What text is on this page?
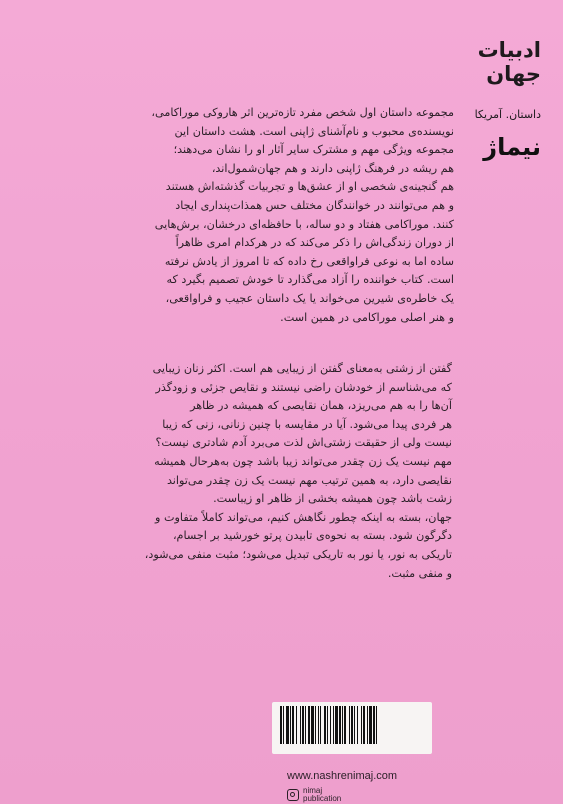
ادبیات
جهان
داستان. آمریکا
نیماژ
مجموعه داستان اول شخص مفرد تازه‌ترین اثر هاروکی موراکامی،
نویسنده‌ی محبوب و نام‌آشنای ژاپنی است. هشت داستان این
مجموعه ویژگی مهم و مشترک سایر آثار او را نشان می‌دهند؛
هم ریشه در فرهنگ ژاپنی دارند و هم جهان‌شمول‌اند،
هم گنجینه‌ی شخصی او از عشق‌ها و تجربیات گذشته‌اش هستند
و هم می‌توانند در خوانندگان مختلف حس همذات‌پنداری ایجاد
کنند. موراکامی هفتاد و دو ساله، با حافظه‌ای درخشان، برش‌هایی
از دوران زندگی‌اش را ذکر می‌کند که در هرکدام امری ظاهراً
ساده اما به نوعی فراواقعی رخ داده که تا امروز از یادش نرفته
است. کتاب خواننده را آزاد می‌گذارد تا خودش تصمیم بگیرد که
یک خاطره‌ی شیرین می‌خواند یا یک داستان عجیب و فراواقعی،
و هنر اصلی موراکامی در همین است.
گفتن از زشتی به‌معنای گفتن از زیبایی هم است. اکثر زنان زیبایی
که می‌شناسم از خودشان راضی نیستند و نقایص جزئی و زودگذر
آن‌ها را به هم می‌ریزد، همان نقایصی که همیشه در ظاهر
هر فردی پیدا می‌شود. آیا در مقایسه با چنین زنانی، زنی که زیبا
نیست ولی از حقیقت زشتی‌اش لذت می‌برد آدم شادتری نیست؟
مهم نیست یک زن چقدر می‌تواند زیبا باشد چون به‌هرحال همیشه
نقایصی دارد، به همین ترتیب مهم نیست یک زن چقدر می‌تواند
زشت باشد چون همیشه بخشی از ظاهر او زیباست.
جهان، بسته به اینکه چطور نگاهش کنیم، می‌تواند کاملاً متفاوت و
دگرگون شود. بسته به نحوه‌ی تابیدن پرتو خورشید بر اجسام،
تاریکی به نور، یا نور به تاریکی تبدیل می‌شود؛ مثبت منفی می‌شود،
و منفی مثبت.
www.nashrenimaj.com
nimaj
publication
